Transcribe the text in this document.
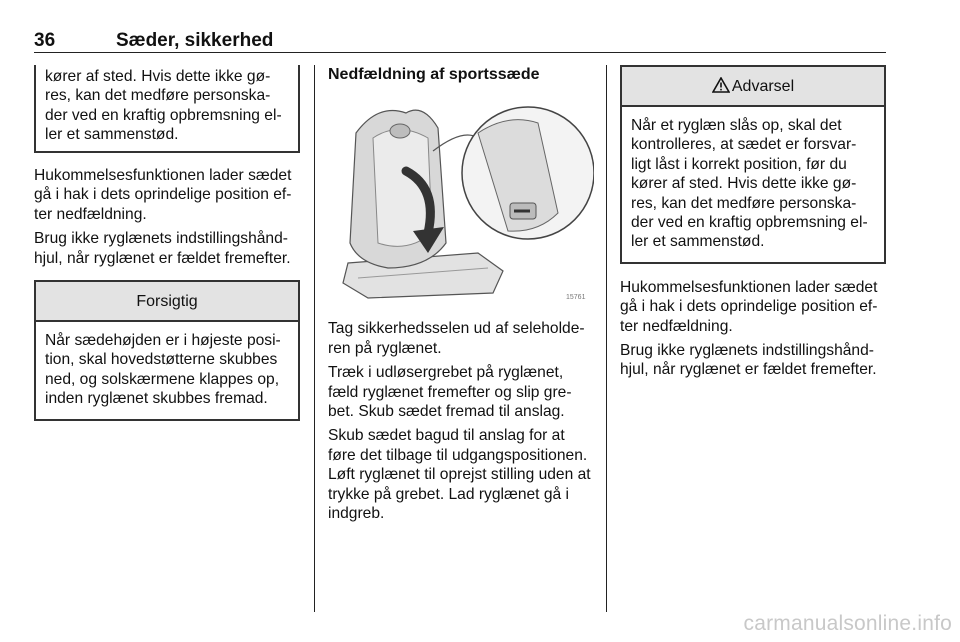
36	Sæder, sikkerhed
kører af sted. Hvis dette ikke gø-
res, kan det medføre personska-
der ved en kraftig opbremsning el-
ler et sammenstød.

Hukommelsesfunktionen lader sædet
gå i hak i dets oprindelige position ef-
ter nedfældning.

Brug ikke ryglænets indstillingshånd-
hjul, når ryglænet er fældet fremefter.

Forsigtig
Når sædehøjden er i højeste posi-
tion, skal hovedstøtterne skubbes
ned, og solskærmene klappes op,
inden ryglænet skubbes fremad.
Nedfældning af sportssæde
15761

Tag sikkerhedsselen ud af seleholde-
ren på ryglænet.

Træk i udløsergrebet på ryglænet,
fæld ryglænet fremefter og slip gre-
bet. Skub sædet fremad til anslag.

Skub sædet bagud til anslag for at
føre det tilbage til udgangspositionen.
Løft ryglænet til oprejst stilling uden at
trykke på grebet. Lad ryglænet gå i
indgreb.

Advarsel
Når et ryglæn slås op, skal det
kontrolleres, at sædet er forsvar-
ligt låst i korrekt position, før du
kører af sted. Hvis dette ikke gø-
res, kan det medføre personska-
der ved en kraftig opbremsning el-
ler et sammenstød.

Hukommelsesfunktionen lader sædet
gå i hak i dets oprindelige position ef-
ter nedfældning.

Brug ikke ryglænets indstillingshånd-
hjul, når ryglænet er fældet fremefter.

carmanualsonline.info
